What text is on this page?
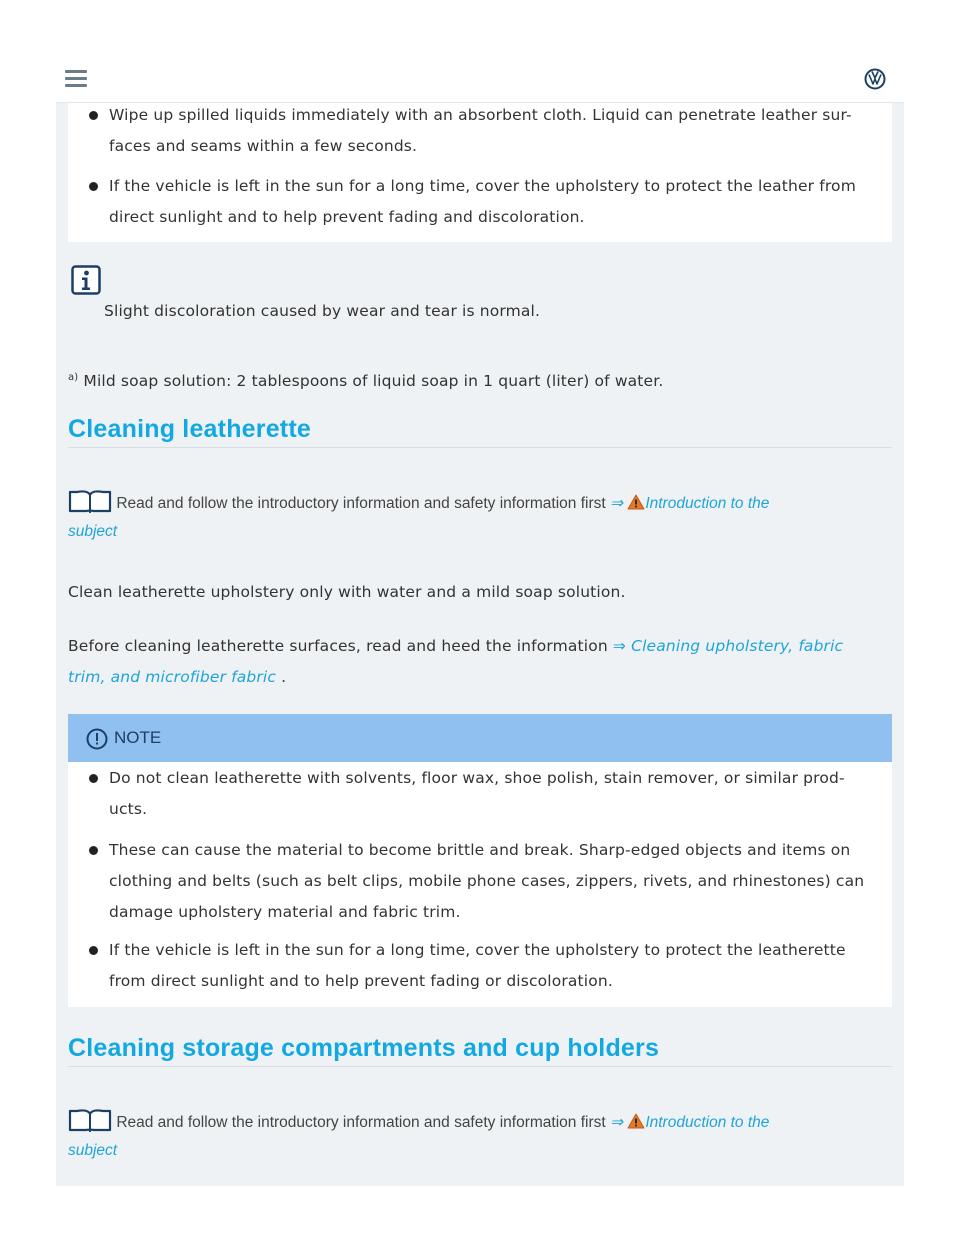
Wipe up spilled liquids immediately with an absorbent cloth. Liquid can penetrate leather sur-
faces and seams within a few seconds.
If the vehicle is left in the sun for a long time, cover the upholstery to protect the leather from
direct sunlight and to help prevent fading and discoloration.
Slight discoloration caused by wear and tear is normal.
$^{a)}$ Mild soap solution: 2 tablespoons of liquid soap in 1 quart (liter) of water.
Cleaning leatherette
Read and follow the introductory information and safety information first ⇒ Introduction to the
subject
Clean leatherette upholstery only with water and a mild soap solution.
Before cleaning leatherette surfaces, read and heed the information ⇒ Cleaning upholstery, fabric
trim, and microfiber fabric .
NOTE
Do not clean leatherette with solvents, floor wax, shoe polish, stain remover, or similar prod-
ucts.
These can cause the material to become brittle and break. Sharp-edged objects and items on
clothing and belts (such as belt clips, mobile phone cases, zippers, rivets, and rhinestones) can
damage upholstery material and fabric trim.
If the vehicle is left in the sun for a long time, cover the upholstery to protect the leatherette
from direct sunlight and to help prevent fading or discoloration.
Cleaning storage compartments and cup holders
Read and follow the introductory information and safety information first ⇒ Introduction to the
subject
